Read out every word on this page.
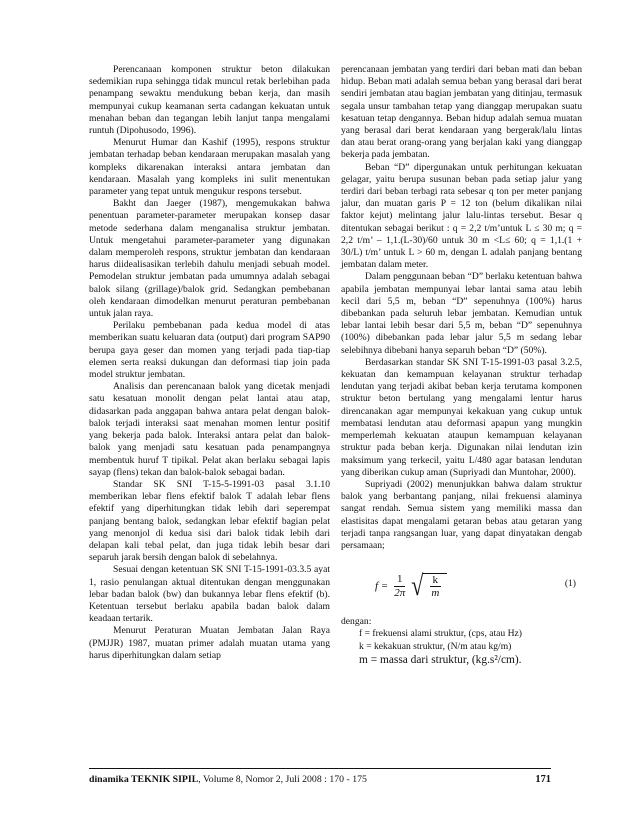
Perencanaan komponen struktur beton dilakukan sedemikian rupa sehingga tidak muncul retak berlebihan pada penampang sewaktu mendukung beban kerja, dan masih mempunyai cukup keamanan serta cadangan kekuatan untuk menahan beban dan tegangan lebih lanjut tanpa mengalami runtuh (Dipohusodo, 1996).

Menurut Humar dan Kashif (1995), respons struktur jembatan terhadap beban kendaraan merupakan masalah yang kompleks dikarenakan interaksi antara jembatan dan kendaraan. Masalah yang kompleks ini sulit menentukan parameter yang tepat untuk mengukur respons tersebut.

Bakht dan Jaeger (1987), mengemukakan bahwa penentuan parameter-parameter merupakan konsep dasar metode sederhana dalam menganalisa struktur jembatan. Untuk mengetahui parameter-parameter yang digunakan dalam memperoleh respons, struktur jembatan dan kendaraan harus diidealisasikan terlebih dahulu menjadi sebuah model. Pemodelan struktur jembatan pada umumnya adalah sebagai balok silang (grillage)/balok grid. Sedangkan pembebanan oleh kendaraan dimodelkan menurut peraturan pembebanan untuk jalan raya.

Perilaku pembebanan pada kedua model di atas memberikan suatu keluaran data (output) dari program SAP90 berupa gaya geser dan momen yang terjadi pada tiap-tiap elemen serta reaksi dukungan dan deformasi tiap join pada model struktur jembatan.

Analisis dan perencanaan balok yang dicetak menjadi satu kesatuan monolit dengan pelat lantai atau atap, didasarkan pada anggapan bahwa antara pelat dengan balok-balok terjadi interaksi saat menahan momen lentur positif yang bekerja pada balok. Interaksi antara pelat dan balok-balok yang menjadi satu kesatuan pada penampangnya membentuk huruf T tipikal. Pelat akan berlaku sebagai lapis sayap (flens) tekan dan balok-balok sebagai badan.

Standar SK SNI T-15-5-1991-03 pasal 3.1.10 memberikan lebar flens efektif balok T adalah lebar flens efektif yang diperhitungkan tidak lebih dari seperempat panjang bentang balok, sedangkan lebar efektif bagian pelat yang menonjol di kedua sisi dari balok tidak lebih dari delapan kali tebal pelat, dan juga tidak lebih besar dari separuh jarak bersih dengan balok di sebelahnya.

Sesuai dengan ketentuan SK SNI T-15-1991-03.3.5 ayat 1, rasio penulangan aktual ditentukan dengan menggunakan lebar badan balok (bw) dan bukannya lebar flens efektif (b). Ketentuan tersebut berlaku apabila badan balok dalam keadaan tertarik.

Menurut Peraturan Muatan Jembatan Jalan Raya (PMJJR) 1987, muatan primer adalah muatan utama yang harus diperhitungkan dalam setiap

perencanaan jembatan yang terdiri dari beban mati dan beban hidup. Beban mati adalah semua beban yang berasal dari berat sendiri jembatan atau bagian jembatan yang ditinjau, termasuk segala unsur tambahan tetap yang dianggap merupakan suatu kesatuan tetap dengannya. Beban hidup adalah semua muatan yang berasal dari berat kendaraan yang bergerak/lalu lintas dan atau berat orang-orang yang berjalan kaki yang dianggap bekerja pada jembatan.

Beban “D” dipergunakan untuk perhitungan kekuatan gelagar, yaitu berupa susunan beban pada setiap jalur yang terdiri dari beban terbagi rata sebesar q ton per meter panjang jalur, dan muatan garis P = 12 ton (belum dikalikan nilai faktor kejut) melintang jalur lalu-lintas tersebut. Besar q ditentukan sebagai berikut : q = 2,2 t/m’untuk L ≤ 30 m; q = 2,2 t/m’ – 1,1.(L-30)/60 untuk 30 m <L≤ 60; q = 1,1.(1 + 30/L) t/m’ untuk L > 60 m, dengan L adalah panjang bentang jembatan dalam meter.

Dalam penggunaan beban “D” berlaku ketentuan bahwa apabila jembatan mempunyai lebar lantai sama atau lebih kecil dari 5,5 m, beban “D” sepenuhnya (100%) harus dibebankan pada seluruh lebar jembatan. Kemudian untuk lebar lantai lebih besar dari 5,5 m, beban “D” sepenuhnya (100%) dibebankan pada lebar jalur 5,5 m sedang lebar selebihnya dibebani hanya separuh beban “D” (50%).

Berdasarkan standar SK SNI T-15-1991-03 pasal 3.2.5, kekuatan dan kemampuan kelayanan struktur terhadap lendutan yang terjadi akibat beban kerja terutama komponen struktur beton bertulang yang mengalami lentur harus direncanakan agar mempunyai kekakuan yang cukup untuk membatasi lendutan atau deformasi apapun yang mungkin memperlemah kekuatan ataupun kemampuan kelayanan struktur pada beban kerja. Digunakan nilai lendutan izin maksimum yang terkecil, yaitu L/480 agar batasan lendutan yang diberikan cukup aman (Supriyadi dan Muntohar, 2000).

Supriyadi (2002) menunjukkan bahwa dalam struktur balok yang berbantang panjang, nilai frekuensi alaminya sangat rendah. Semua sistem yang memiliki massa dan elastisitas dapat mengalami getaran bebas atau getaran yang terjadi tanpa rangsangan luar, yang dapat dinyatakan dengab persamaan;

$f = \frac{1}{2\pi}$ √ $\frac{k}{m}$	(1)
dengan:
f = frekuensi alami struktur, (cps, atau Hz)
k = kekakuan struktur, (N/m atau kg/m)
m = massa dari struktur, (kg.s²/cm).
dinamika TEKNIK SIPIL, Volume 8, Nomor 2, Juli 2008 : 170 - 175	171
